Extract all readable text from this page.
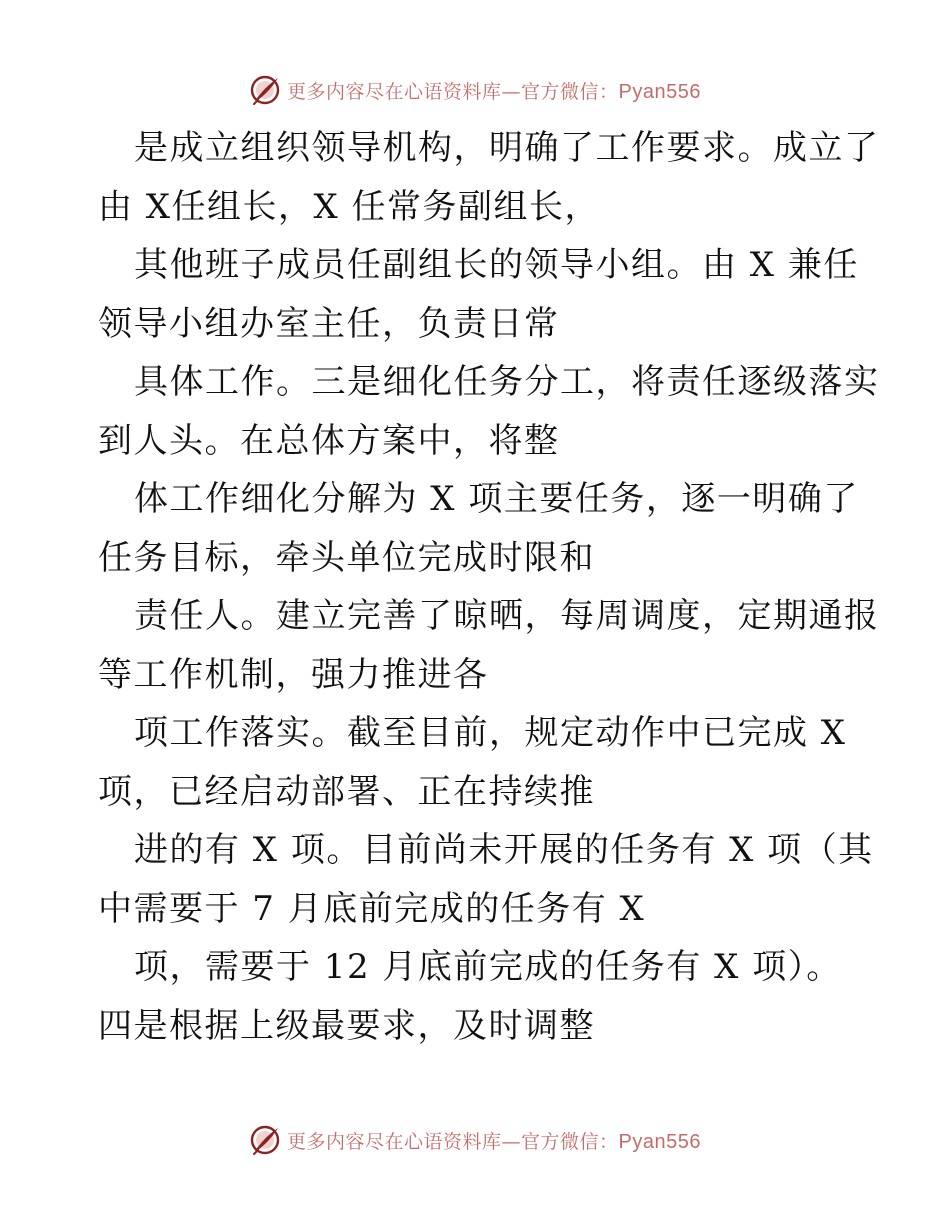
更多内容尽在心语资料库—官方微信：Pyan556
是成立组织领导机构，明确了工作要求。成立了
由 X任组长，X 任常务副组长，
其他班子成员任副组长的领导小组。由 X 兼任
领导小组办室主任，负责日常
具体工作。三是细化任务分工，将责任逐级落实
到人头。在总体方案中，将整
体工作细化分解为 X 项主要任务，逐一明确了
任务目标，牵头单位完成时限和
责任人。建立完善了晾晒，每周调度，定期通报
等工作机制，强力推进各
项工作落实。截至目前，规定动作中已完成 X
项，已经启动部署、正在持续推
进的有 X 项。目前尚未开展的任务有 X 项（其
中需要于 7 月底前完成的任务有 X
项，需要于 12 月底前完成的任务有 X 项）。
四是根据上级最要求，及时调整
更多内容尽在心语资料库—官方微信：Pyan556
